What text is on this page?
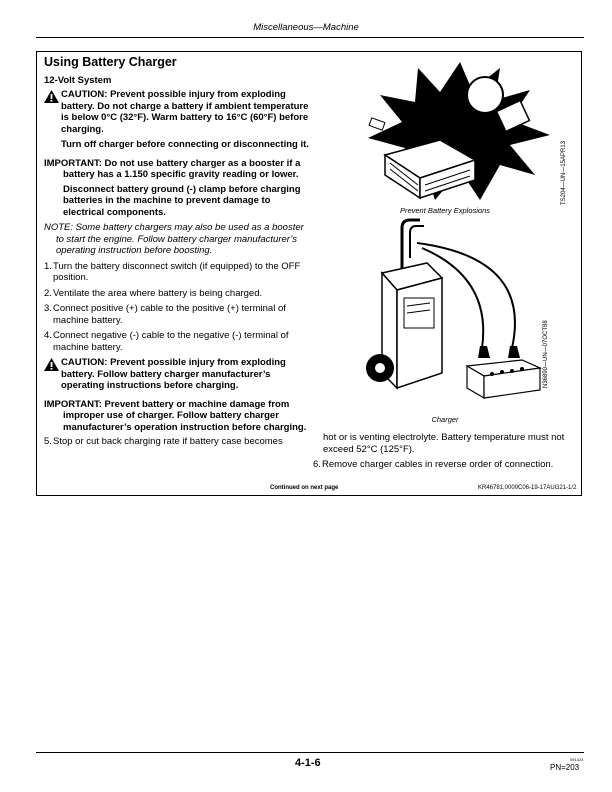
Miscellaneous—Machine
Using Battery Charger
12-Volt System

CAUTION: Prevent possible injury from exploding battery. Do not charge a battery if ambient temperature is below 0°C (32°F). Warm battery to 16°C (60°F) before charging.

Turn off charger before connecting or disconnecting it.

IMPORTANT: Do not use battery charger as a booster if a battery has a 1.150 specific gravity reading or lower.

Disconnect battery ground (-) clamp before charging batteries in the machine to prevent damage to electrical components.

NOTE: Some battery chargers may also be used as a booster to start the engine. Follow battery charger manufacturer’s operating instruction before boosting.

1. Turn the battery disconnect switch (if equipped) to the OFF position.
2. Ventilate the area where battery is being charged.
3. Connect positive (+) cable to the positive (+) terminal of machine battery.
4. Connect negative (-) cable to the negative (-) terminal of machine battery.

CAUTION: Prevent possible injury from exploding battery. Follow battery charger manufacturer’s operating instructions before charging.

IMPORTANT: Prevent battery or machine damage from improper use of charger. Follow battery charger manufacturer’s operation instruction before charging.

5. Stop or cut back charging rate if battery case becomes
Prevent Battery Explosions
TS204—UN—15APR13
Charger
N36890—UN—07OCT88

hot or is venting electrolyte. Battery temperature must not exceed 52°C (125°F).

6. Remove charger cables in reverse order of connection.
Continued on next page	KR46781,0000C06-19-17AUG21-1/2
4-1-6	091423
PN=203
